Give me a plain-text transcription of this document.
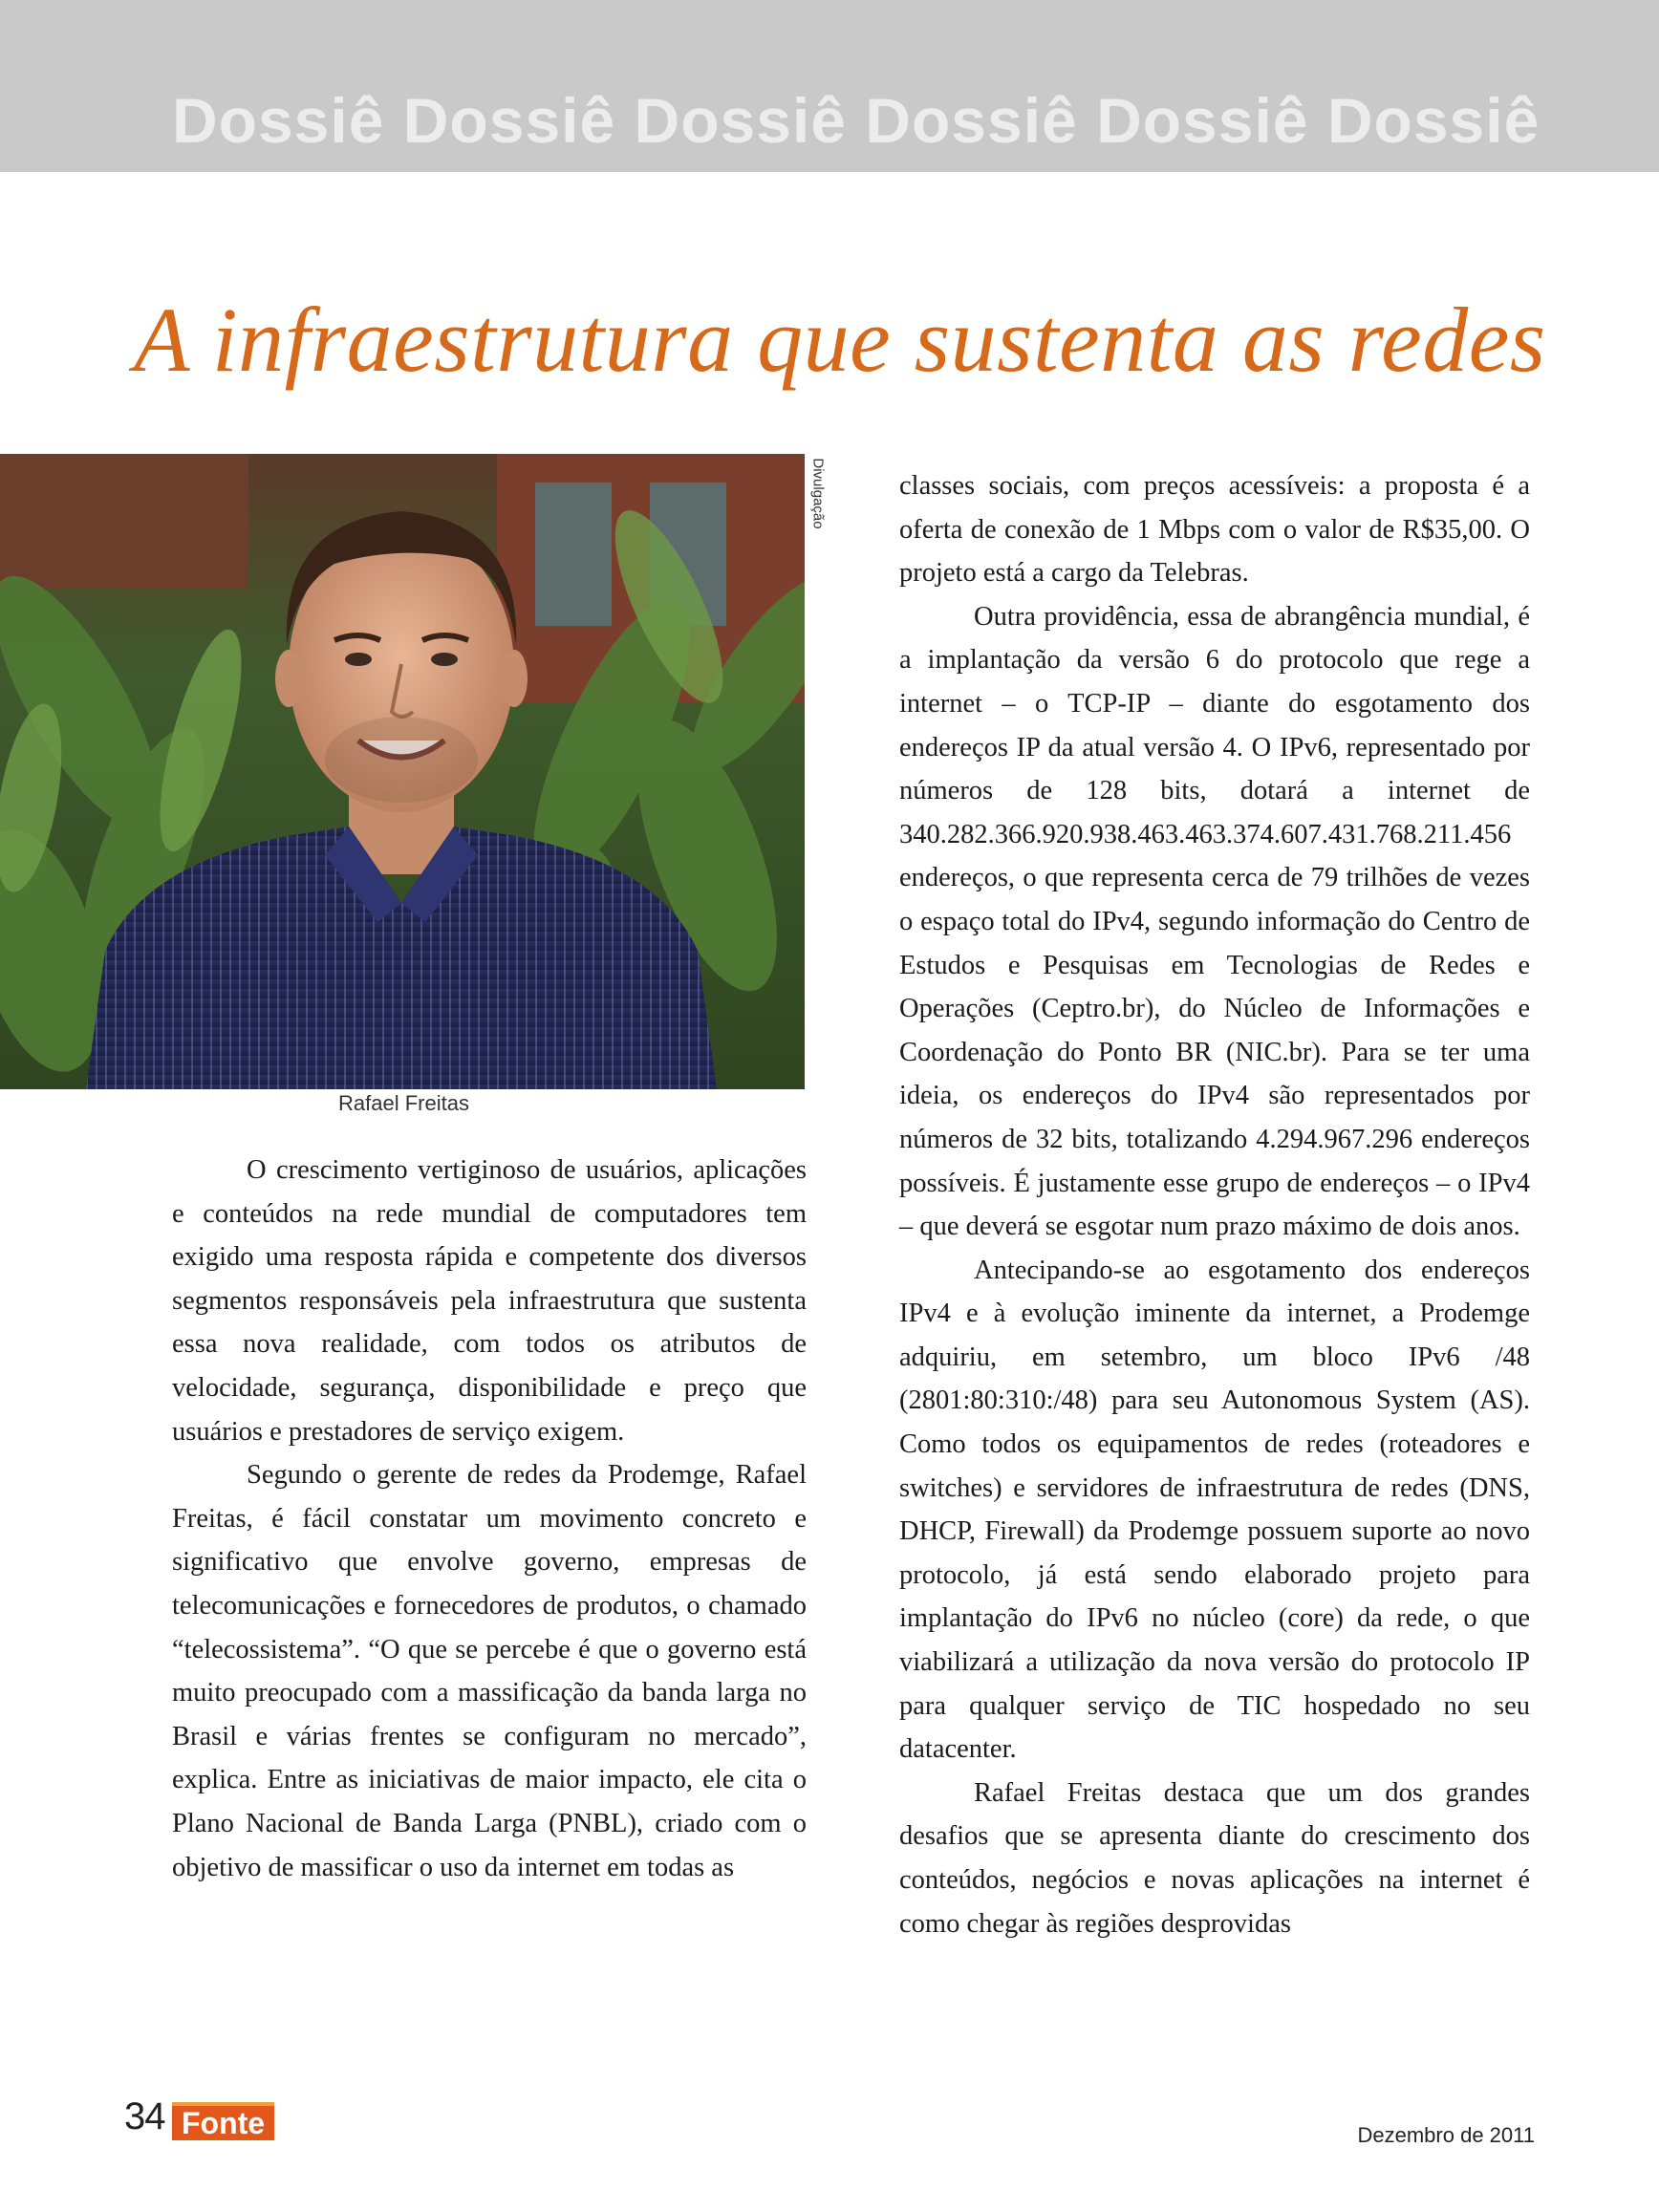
Dossiê Dossiê Dossiê Dossiê Dossiê Dossiê
A infraestrutura que sustenta as redes
Divulgação
Rafael Freitas

O crescimento vertiginoso de usuários, aplicações e conteúdos na rede mundial de computadores tem exigido uma resposta rápida e competente dos diversos segmentos responsáveis pela infraestrutura que sustenta essa nova realidade, com todos os atributos de velocidade, segurança, disponibilidade e preço que usuários e prestadores de serviço exigem.

Segundo o gerente de redes da Prodemge, Rafael Freitas, é fácil constatar um movimento concreto e significativo que envolve governo, empresas de telecomunicações e fornecedores de produtos, o chamado “telecossistema”. “O que se percebe é que o governo está muito preocupado com a massificação da banda larga no Brasil e várias frentes se configuram no mercado”, explica. Entre as iniciativas de maior impacto, ele cita o Plano Nacional de Banda Larga (PNBL), criado com o objetivo de massificar o uso da internet em todas as

classes sociais, com preços acessíveis: a proposta é a oferta de conexão de 1 Mbps com o valor de R$35,00. O projeto está a cargo da Telebras.

Outra providência, essa de abrangência mundial, é a implantação da versão 6 do protocolo que rege a internet – o TCP-IP – diante do esgotamento dos endereços IP da atual versão 4. O IPv6, representado por números de 128 bits, dotará a internet de 340.282.366.920.938.463.463.374.607.431.768.211.456 endereços, o que representa cerca de 79 trilhões de vezes o espaço total do IPv4, segundo informação do Centro de Estudos e Pesquisas em Tecnologias de Redes e Operações (Ceptro.br), do Núcleo de Informações e Coordenação do Ponto BR (NIC.br). Para se ter uma ideia, os endereços do IPv4 são representados por números de 32 bits, totalizando 4.294.967.296 endereços possíveis. É justamente esse grupo de endereços – o IPv4 – que deverá se esgotar num prazo máximo de dois anos.

Antecipando-se ao esgotamento dos endereços IPv4 e à evolução iminente da internet, a Prodemge adquiriu, em setembro, um bloco IPv6 /48 (2801:80:310:/48) para seu Autonomous System (AS). Como todos os equipamentos de redes (roteadores e switches) e servidores de infraestrutura de redes (DNS, DHCP, Firewall) da Prodemge possuem suporte ao novo protocolo, já está sendo elaborado projeto para implantação do IPv6 no núcleo (core) da rede, o que viabilizará a utilização da nova versão do protocolo IP para qualquer serviço de TIC hospedado no seu datacenter.

Rafael Freitas destaca que um dos grandes desafios que se apresenta diante do crescimento dos conteúdos, negócios e novas aplicações na internet é como chegar às regiões desprovidas

34 Fonte	Dezembro de 2011
